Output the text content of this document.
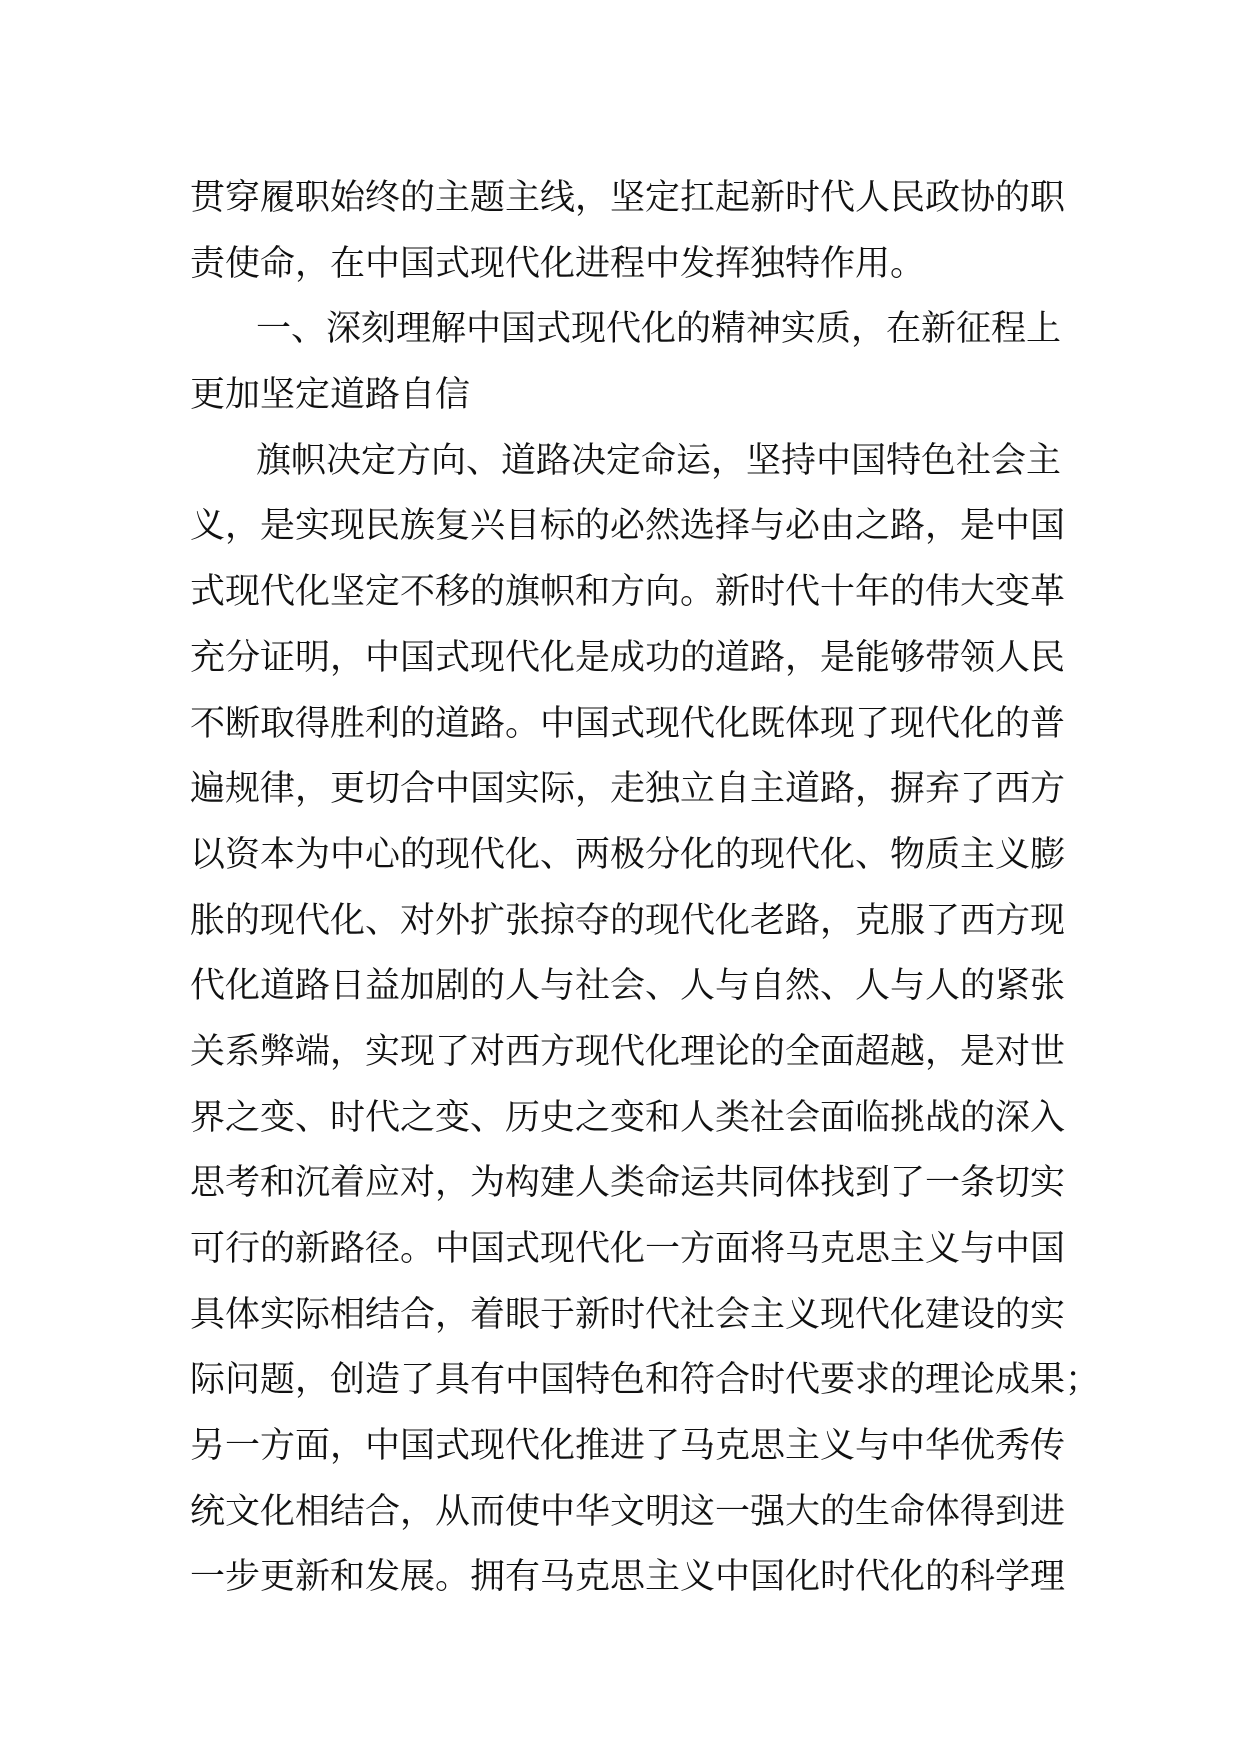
贯穿履职始终的主题主线，坚定扛起新时代人民政协的职
责使命，在中国式现代化进程中发挥独特作用。
一、深刻理解中国式现代化的精神实质，在新征程上
更加坚定道路自信
旗帜决定方向、道路决定命运，坚持中国特色社会主
义，是实现民族复兴目标的必然选择与必由之路，是中国
式现代化坚定不移的旗帜和方向。新时代十年的伟大变革
充分证明，中国式现代化是成功的道路，是能够带领人民
不断取得胜利的道路。中国式现代化既体现了现代化的普
遍规律，更切合中国实际，走独立自主道路，摒弃了西方
以资本为中心的现代化、两极分化的现代化、物质主义膨
胀的现代化、对外扩张掠夺的现代化老路，克服了西方现
代化道路日益加剧的人与社会、人与自然、人与人的紧张
关系弊端，实现了对西方现代化理论的全面超越，是对世
界之变、时代之变、历史之变和人类社会面临挑战的深入
思考和沉着应对，为构建人类命运共同体找到了一条切实
可行的新路径。中国式现代化一方面将马克思主义与中国
具体实际相结合，着眼于新时代社会主义现代化建设的实
际问题，创造了具有中国特色和符合时代要求的理论成果；
另一方面，中国式现代化推进了马克思主义与中华优秀传
统文化相结合，从而使中华文明这一强大的生命体得到进
一步更新和发展。拥有马克思主义中国化时代化的科学理
